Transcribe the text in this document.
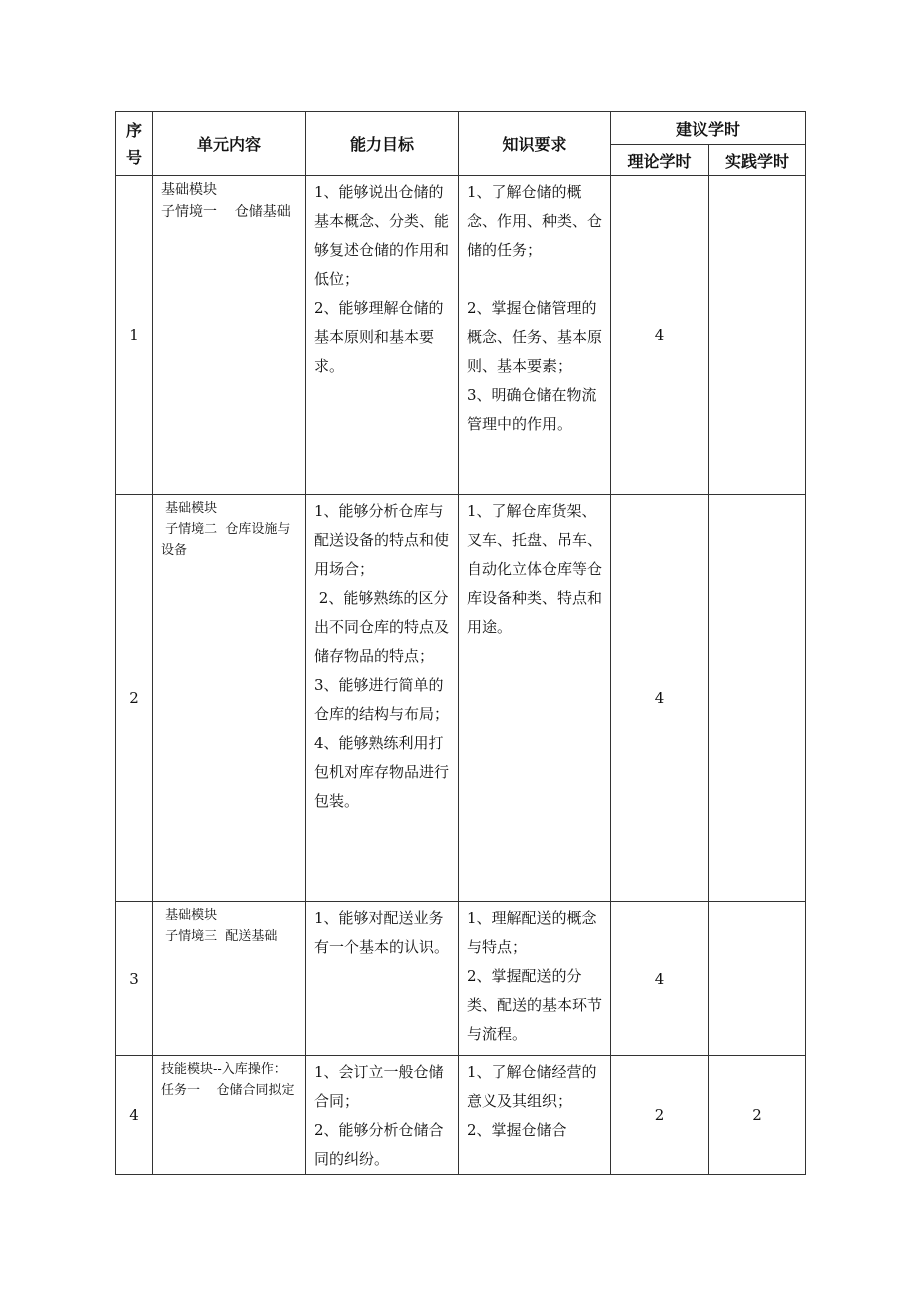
序
号	单元内容	能力目标	知识要求	建议学时	
				理论学时	实践学时
1	基础模块
子情境一    仓储基础	1、能够说出仓储的基本概念、分类、能够复述仓储的作用和低位；
2、能够理解仓储的基本原则和基本要求。	1、了解仓储的概念、作用、种类、仓储的任务；
2、掌握仓储管理的概念、任务、基本原则、基本要素；
3、明确仓储在物流管理中的作用。	4	
2	基础模块
子情境二  仓库设施与设备	1、能够分析仓库与配送设备的特点和使用场合；
2、能够熟练的区分出不同仓库的特点及储存物品的特点；
3、能够进行简单的仓库的结构与布局；
4、能够熟练利用打包机对库存物品进行包装。	1、了解仓库货架、叉车、托盘、吊车、自动化立体仓库等仓库设备种类、特点和用途。	4	
3	基础模块
子情境三  配送基础	1、能够对配送业务有一个基本的认识。	1、理解配送的概念与特点；
2、掌握配送的分类、配送的基本环节与流程。	4	
4	技能模块--入库操作：
任务一    仓储合同拟定	1、会订立一般仓储合同；
2、能够分析仓储合同的纠纷。	1、了解仓储经营的意义及其组织；
2、掌握仓储合	2	2
